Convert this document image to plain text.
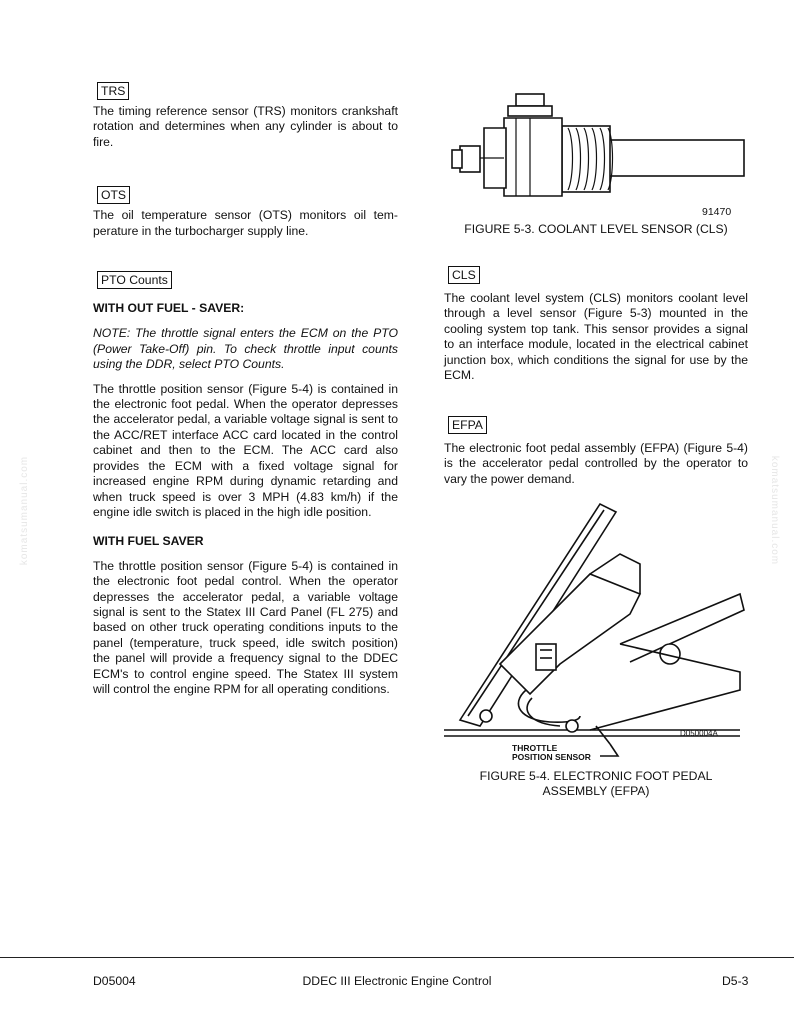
TRS

The timing reference sensor (TRS) monitors crankshaft rotation and determines when any cylinder is about to fire.

OTS

The oil temperature sensor (OTS) monitors oil tem-perature in the turbocharger supply line.

PTO Counts

WITH OUT FUEL - SAVER:

NOTE: The throttle signal enters the ECM on the PTO (Power Take-Off) pin. To check throttle input counts using the DDR, select PTO Counts.

The throttle position sensor (Figure 5-4) is contained in the electronic foot pedal. When the operator depresses the accelerator pedal, a variable voltage signal is sent to the ACC/RET interface ACC card located in the control cabinet and then to the ECM. The ACC card also provides the ECM with a fixed voltage signal for increased engine RPM during dynamic retarding and when truck speed is over 3 MPH (4.83 km/h) if the engine idle switch is placed in the high idle position.

WITH FUEL SAVER

The throttle position sensor (Figure 5-4) is contained in the electronic foot pedal control. When the operator depresses the accelerator pedal, a variable voltage signal is sent to the Statex III Card Panel (FL 275) and based on other truck operating conditions inputs to the panel (temperature, truck speed, idle switch position) the panel will provide a frequency signal to the DDEC ECM's to control engine speed. The Statex III system will control the engine RPM for all operating conditions.

91470
FIGURE 5-3. COOLANT LEVEL SENSOR (CLS)
CLS

The coolant level system (CLS) monitors coolant level through a level sensor (Figure 5-3) mounted in the cooling system top tank. This sensor provides a signal to an interface module, located in the electrical cabinet junction box, which conditions the signal for use by the ECM.

EFPA

The electronic foot pedal assembly (EFPA) (Figure 5-4) is the accelerator pedal controlled by the operator to vary the power demand.

D050004A
THROTTLE
POSITION SENSOR
FIGURE 5-4. ELECTRONIC FOOT PEDAL
ASSEMBLY (EFPA)
komatsumanual.com	komatsumanual.com
D05004	DDEC III Electronic Engine Control	D5-3
